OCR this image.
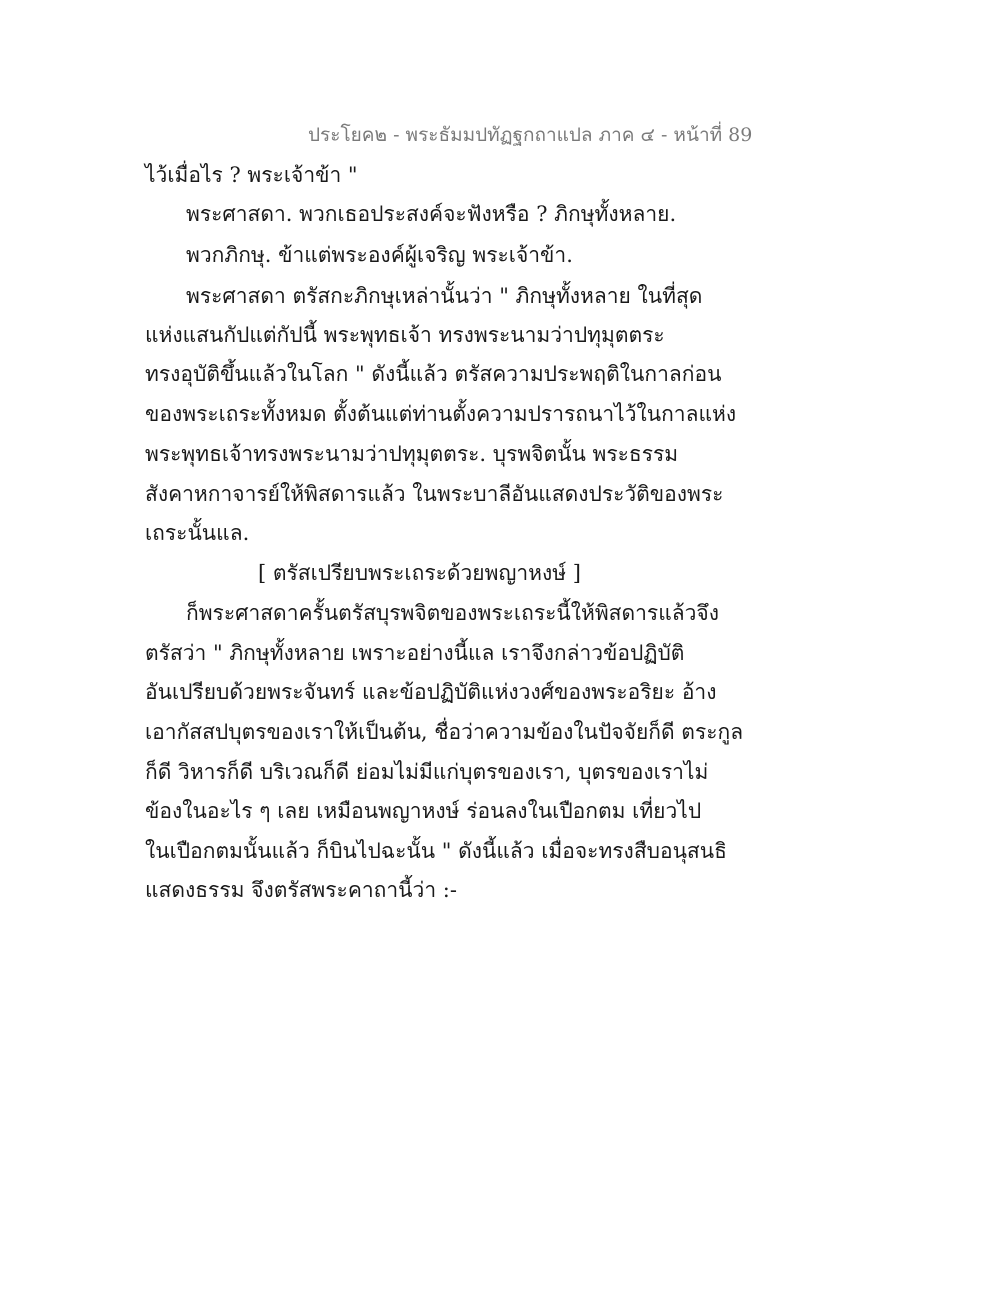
ประโยค๒ - พระธัมมปทัฏฐกถาแปล ภาค ๔ - หน้าที่ 89
ไว้เมื่อไร ? พระเจ้าข้า "
พระศาสดา. พวกเธอประสงค์จะฟังหรือ ? ภิกษุทั้งหลาย.
พวกภิกษุ. ข้าแต่พระองค์ผู้เจริญ พระเจ้าข้า.
พระศาสดา ตรัสกะภิกษุเหล่านั้นว่า " ภิกษุทั้งหลาย ในที่สุด
แห่งแสนกัปแต่กัปนี้ พระพุทธเจ้า ทรงพระนามว่าปทุมุตตระ
ทรงอุบัติขึ้นแล้วในโลก " ดังนี้แล้ว ตรัสความประพฤติในกาลก่อน
ของพระเถระทั้งหมด ตั้งต้นแต่ท่านตั้งความปรารถนาไว้ในกาลแห่ง
พระพุทธเจ้าทรงพระนามว่าปทุมุตตระ. บุรพจิตนั้น พระธรรม
สังคาหกาจารย์ให้พิสดารแล้ว ในพระบาลีอันแสดงประวัติของพระ
เถระนั้นแล.
[ ตรัสเปรียบพระเถระด้วยพญาหงษ์ ]
ก็พระศาสดาครั้นตรัสบุรพจิตของพระเถระนี้ให้พิสดารแล้วจึง
ตรัสว่า " ภิกษุทั้งหลาย เพราะอย่างนี้แล เราจึงกล่าวข้อปฏิบัติ
อันเปรียบด้วยพระจันทร์ และข้อปฏิบัติแห่งวงศ์ของพระอริยะ อ้าง
เอากัสสปบุตรของเราให้เป็นต้น, ชื่อว่าความข้องในปัจจัยก็ดี ตระกูล
ก็ดี วิหารก็ดี บริเวณก็ดี ย่อมไม่มีแก่บุตรของเรา, บุตรของเราไม่
ข้องในอะไร ๆ เลย เหมือนพญาหงษ์ ร่อนลงในเปือกตม เที่ยวไป
ในเปือกตมนั้นแล้ว ก็บินไปฉะนั้น " ดังนี้แล้ว เมื่อจะทรงสืบอนุสนธิ
แสดงธรรม จึงตรัสพระคาถานี้ว่า :-
